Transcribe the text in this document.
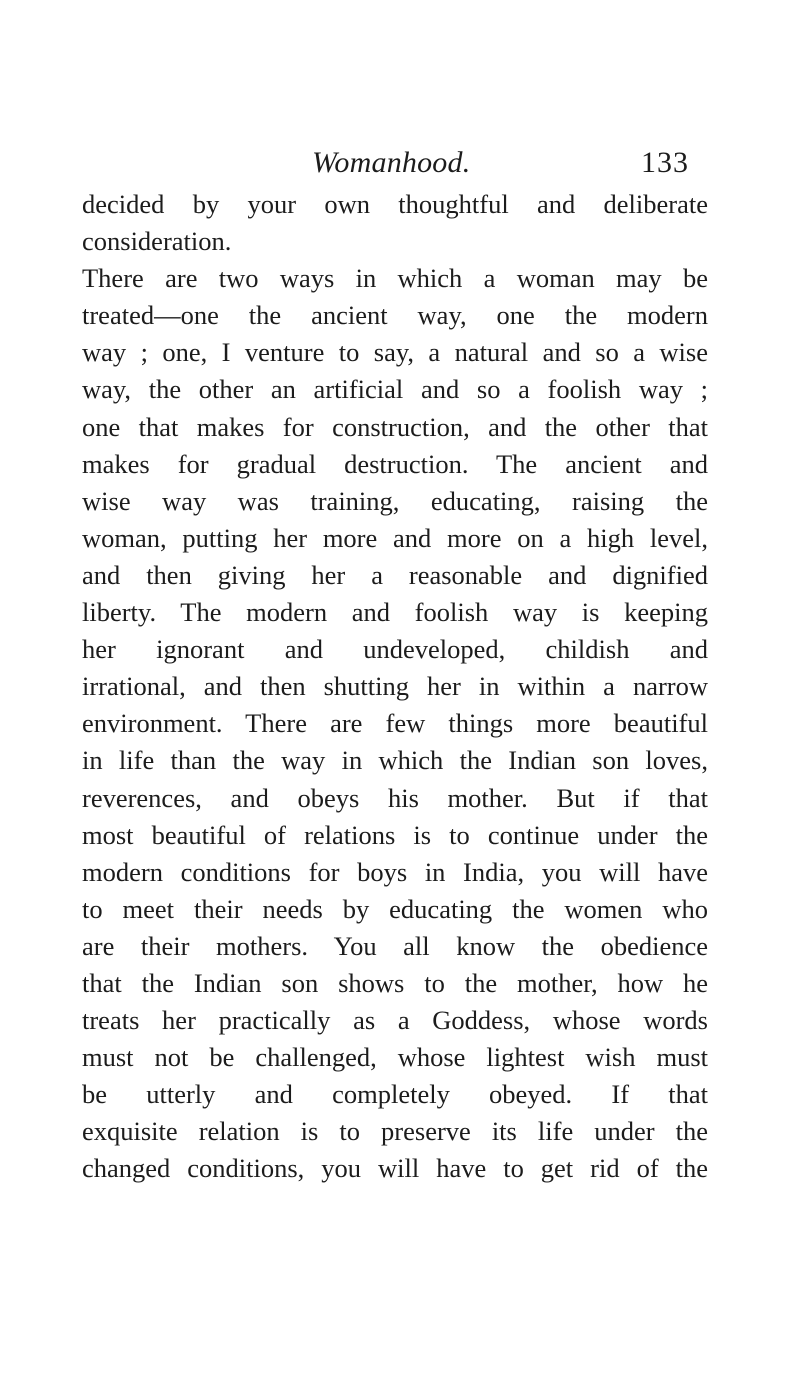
Womanhood.	133
decided by your own thoughtful and deliberate
consideration.
There are two ways in which a woman may be
treated—one the ancient way, one the modern
way ; one, I venture to say, a natural and so a wise
way, the other an artificial and so a foolish way ;
one that makes for construction, and the other that
makes for gradual destruction. The ancient and
wise way was training, educating, raising the
woman, putting her more and more on a high level,
and then giving her a reasonable and dignified
liberty. The modern and foolish way is keeping
her ignorant and undeveloped, childish and
irrational, and then shutting her in within a narrow
environment. There are few things more beautiful
in life than the way in which the Indian son loves,
reverences, and obeys his mother. But if that
most beautiful of relations is to continue under the
modern conditions for boys in India, you will have
to meet their needs by educating the women who
are their mothers. You all know the obedience
that the Indian son shows to the mother, how he
treats her practically as a Goddess, whose words
must not be challenged, whose lightest wish must
be utterly and completely obeyed. If that
exquisite relation is to preserve its life under the
changed conditions, you will have to get rid of the
